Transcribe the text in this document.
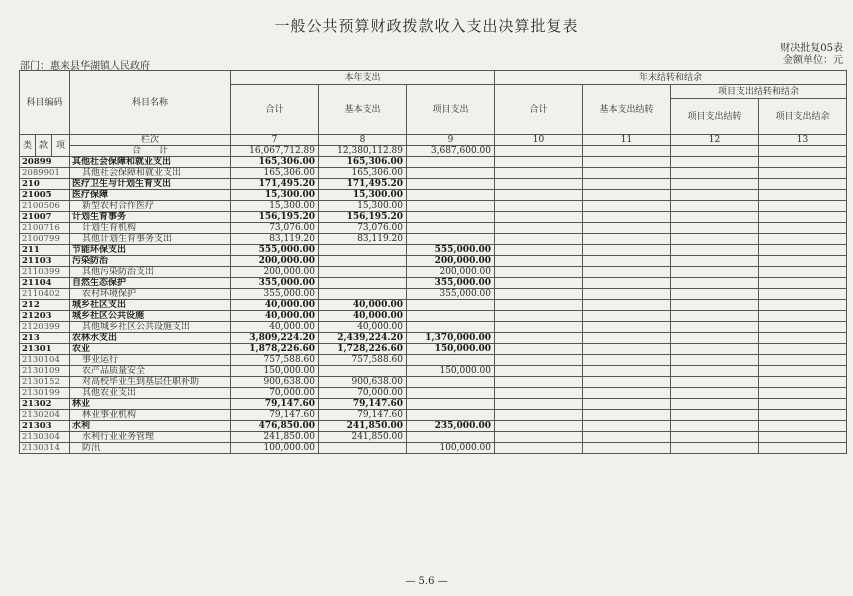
一般公共预算财政拨款收入支出决算批复表
财决批复05表
金额单位：元
部门：惠来县华湖镇人民政府
科目编码			科目名称	本年支出			年末结转和结余			
				合计	基本支出	项目支出	合计	基本支出结转	项目支出结转和结余	
									项目支出结转	项目支出结余

类	款	项	栏次	7	8	9	10	11	12	13
			合　　计	16,067,712.89	12,380,112.89	3,687,600.00				
20899			其他社会保障和就业支出	165,306.00	165,306.00					
2089901			其他社会保障和就业支出	165,306.00	165,306.00					
210			医疗卫生与计划生育支出	171,495.20	171,495.20					
21005			医疗保障	15,300.00	15,300.00					
2100506			新型农村合作医疗	15,300.00	15,300.00					
21007			计划生育事务	156,195.20	156,195.20					
2100716			计划生育机构	73,076.00	73,076.00					
2100799			其他计划生育事务支出	83,119.20	83,119.20					
211			节能环保支出	555,000.00		555,000.00				
21103			污染防治	200,000.00		200,000.00				
2110399			其他污染防治支出	200,000.00		200,000.00				
21104			自然生态保护	355,000.00		355,000.00				
2110402			农村环境保护	355,000.00		355,000.00				
212			城乡社区支出	40,000.00	40,000.00					
21203			城乡社区公共设施	40,000.00	40,000.00					
2120399			其他城乡社区公共设施支出	40,000.00	40,000.00					
213			农林水支出	3,809,224.20	2,439,224.20	1,370,000.00				
21301			农业	1,878,226.60	1,728,226.60	150,000.00				
2130104			事业运行	757,588.60	757,588.60					
2130109			农产品质量安全	150,000.00		150,000.00				
2130152			对高校毕业生到基层任职补助	900,638.00	900,638.00					
2130199			其他农业支出	70,000.00	70,000.00					
21302			林业	79,147.60	79,147.60					
2130204			林业事业机构	79,147.60	79,147.60					
21303			水利	476,850.00	241,850.00	235,000.00				
2130304			水利行业业务管理	241,850.00	241,850.00					
2130314			防汛	100,000.00		100,000.00				
— 5.6 —
